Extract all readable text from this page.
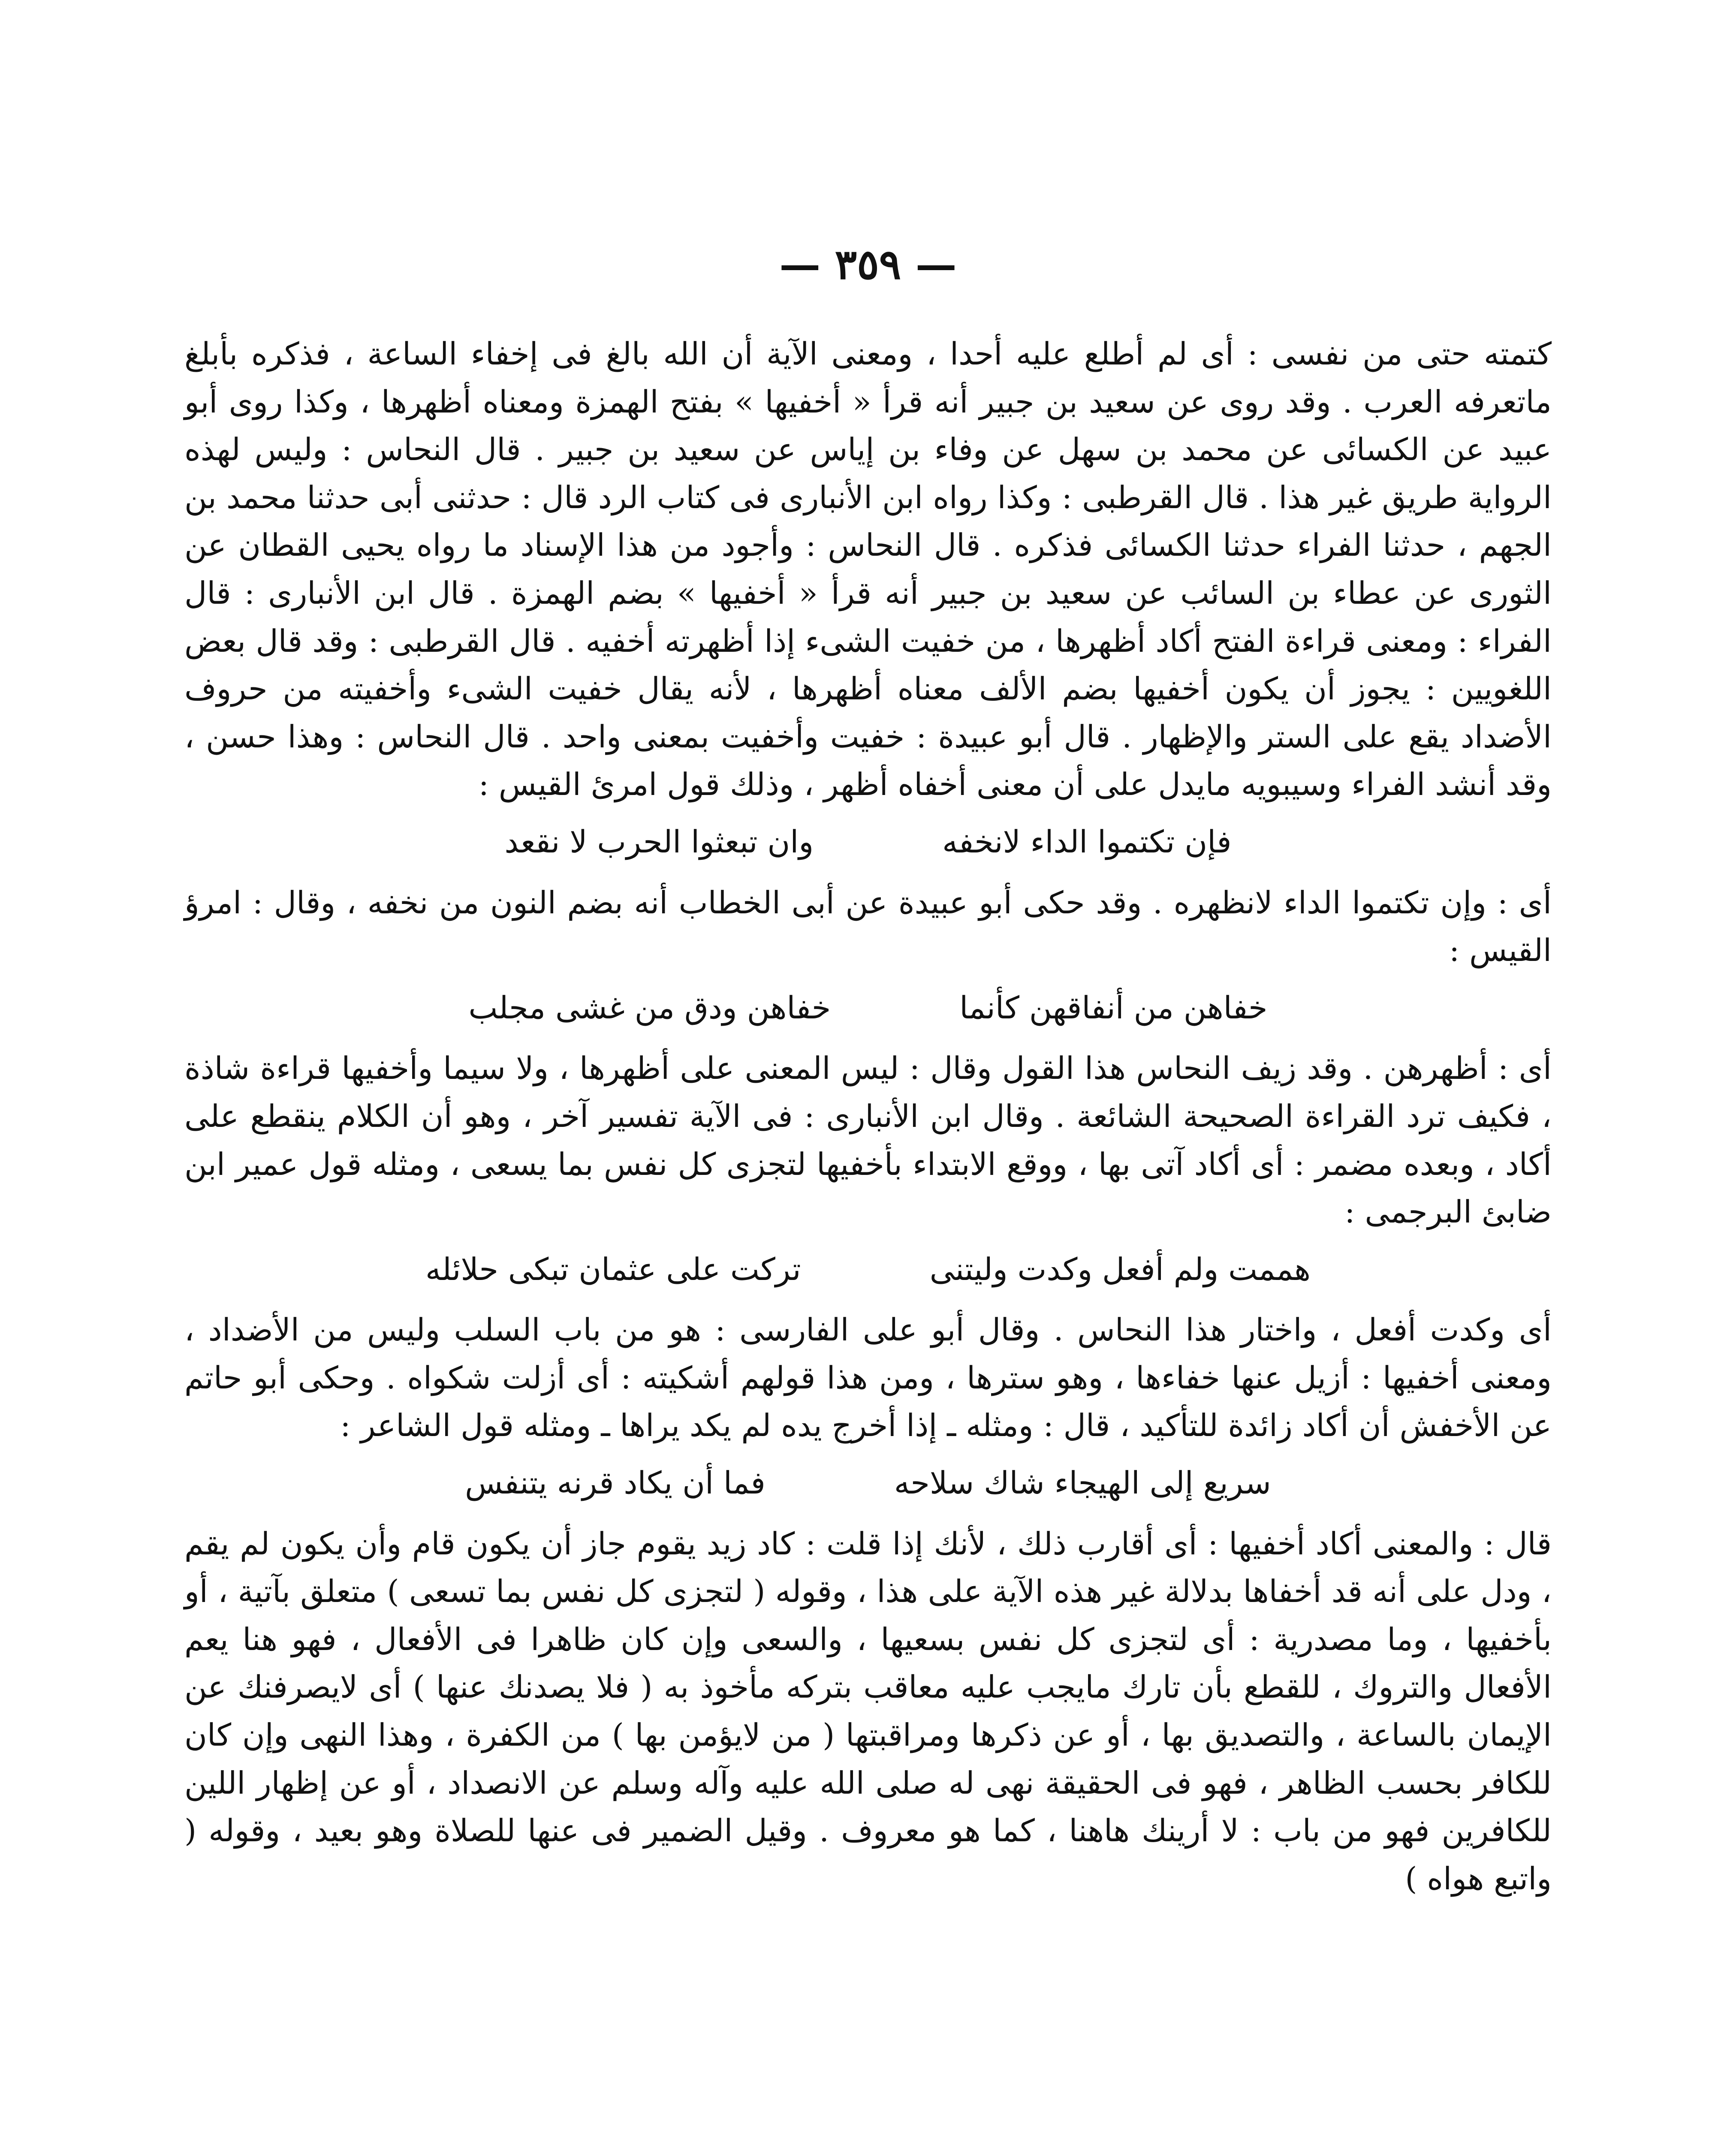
— ٣٥٩ —

كتمته حتى من نفسى : أى لم أطلع عليه أحدا ، ومعنى الآية أن الله بالغ فى إخفاء الساعة ، فذكره بأبلغ ماتعرفه العرب . وقد روى عن سعيد بن جبير أنه قرأ « أخفيها » بفتح الهمزة ومعناه أظهرها ، وكذا روى أبو عبيد عن الكسائى عن محمد بن سهل عن وفاء بن إياس عن سعيد بن جبير . قال النحاس : وليس لهذه الرواية طريق غير هذا . قال القرطبى : وكذا رواه ابن الأنبارى فى كتاب الرد قال : حدثنى أبى حدثنا محمد بن الجهم ، حدثنا الفراء حدثنا الكسائى فذكره . قال النحاس : وأجود من هذا الإسناد ما رواه يحيى القطان عن الثورى عن عطاء بن السائب عن سعيد بن جبير أنه قرأ « أخفيها » بضم الهمزة . قال ابن الأنبارى : قال الفراء : ومعنى قراءة الفتح أكاد أظهرها ، من خفيت الشىء إذا أظهرته أخفيه . قال القرطبى : وقد قال بعض اللغويين : يجوز أن يكون أخفيها بضم الألف معناه أظهرها ، لأنه يقال خفيت الشىء وأخفيته من حروف الأضداد يقع على الستر والإظهار . قال أبو عبيدة : خفيت وأخفيت بمعنى واحد . قال النحاس : وهذا حسن ، وقد أنشد الفراء وسيبويه مايدل على أن معنى أخفاه أظهر ، وذلك قول امرئ القيس :

فإن تكتموا الداء لانخفه
وان تبعثوا الحرب لا نقعد

أى : وإن تكتموا الداء لانظهره . وقد حكى أبو عبيدة عن أبى الخطاب أنه بضم النون من نخفه ، وقال : امرؤ القيس :

خفاهن من أنفاقهن كأنما
خفاهن ودق من غشى مجلب

أى : أظهرهن . وقد زيف النحاس هذا القول وقال : ليس المعنى على أظهرها ، ولا سيما وأخفيها قراءة شاذة ، فكيف ترد القراءة الصحيحة الشائعة . وقال ابن الأنبارى : فى الآية تفسير آخر ، وهو أن الكلام ينقطع على أكاد ، وبعده مضمر : أى أكاد آتى بها ، ووقع الابتداء بأخفيها لتجزى كل نفس بما يسعى ، ومثله قول عمير ابن ضابئ البرجمى :

هممت ولم أفعل وكدت وليتنى
تركت على عثمان تبكى حلائله

أى وكدت أفعل ، واختار هذا النحاس . وقال أبو على الفارسى : هو من باب السلب وليس من الأضداد ، ومعنى أخفيها : أزيل عنها خفاءها ، وهو سترها ، ومن هذا قولهم أشكيته : أى أزلت شكواه . وحكى أبو حاتم عن الأخفش أن أكاد زائدة للتأكيد ، قال : ومثله ـ إذا أخرج يده لم يكد يراها ـ ومثله قول الشاعر :

سريع إلى الهيجاء شاك سلاحه
فما أن يكاد قرنه يتنفس

قال : والمعنى أكاد أخفيها : أى أقارب ذلك ، لأنك إذا قلت : كاد زيد يقوم جاز أن يكون قام وأن يكون لم يقم ، ودل على أنه قد أخفاها بدلالة غير هذه الآية على هذا ، وقوله ( لتجزى كل نفس بما تسعى ) متعلق بآتية ، أو بأخفيها ، وما مصدرية : أى لتجزى كل نفس بسعيها ، والسعى وإن كان ظاهرا فى الأفعال ، فهو هنا يعم الأفعال والتروك ، للقطع بأن تارك مايجب عليه معاقب بتركه مأخوذ به ( فلا يصدنك عنها ) أى لايصرفنك عن الإيمان بالساعة ، والتصديق بها ، أو عن ذكرها ومراقبتها ( من لايؤمن بها ) من الكفرة ، وهذا النهى وإن كان للكافر بحسب الظاهر ، فهو فى الحقيقة نهى له صلى الله عليه وآله وسلم عن الانصداد ، أو عن إظهار اللين للكافرين فهو من باب : لا أرينك هاهنا ، كما هو معروف . وقيل الضمير فى عنها للصلاة وهو بعيد ، وقوله ( واتبع هواه )
